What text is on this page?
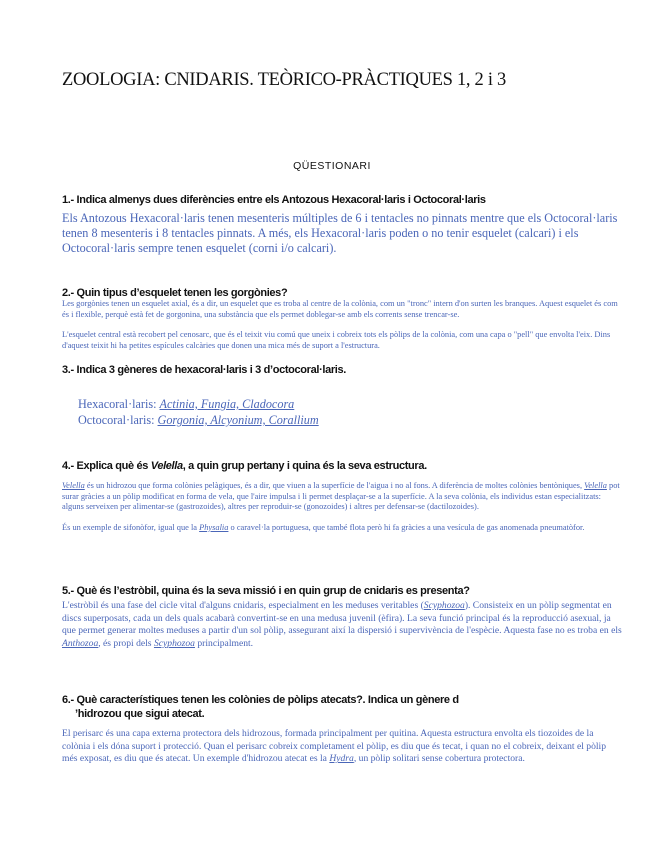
ZOOLOGIA: CNIDARIS. TEÒRICO-PRÀCTIQUES 1, 2 i 3
QÜESTIONARI
1.- Indica almenys dues diferències entre els Antozous Hexacoral·laris i Octocoral·laris
Els Antozous Hexacoral·laris tenen mesenteris múltiples de 6 i tentacles no pinnats mentre que els Octocoral·laris tenen 8 mesenteris i 8 tentacles pinnats. A més, els Hexacoral·laris poden o no tenir esquelet (calcari) i els Octocoral·laris sempre tenen esquelet (corni i/o calcari).
2.- Quin tipus d’esquelet tenen les gorgònies?

Les gorgònies tenen un esquelet axial, és a dir, un esquelet que es troba al centre de la colònia, com un "tronc" intern d'on surten les branques. Aquest esquelet és com és i flexible, perquè està fet de gorgonina, una substància que els permet doblegar-se amb els corrents sense trencar-se.

L'esquelet central està recobert pel cenosarc, que és el teixit viu comú que uneix i cobreix tots els pòlips de la colònia, com una capa o "pell" que envolta l'eix. Dins d'aquest teixit hi ha petites espícules calcàries que donen una mica més de suport a l'estructura.

3.- Indica 3 gèneres de hexacoral·laris i 3 d’octocoral·laris.
Hexacoral·laris: Actinia, Fungia, Cladocora
Octocoral·laris: Gorgonia, Alcyonium, Corallium
4.- Explica què és Velella, a quin grup pertany i quina és la seva estructura.

Velella és un hidrozou que forma colònies pelàgiques, és a dir, que viuen a la superfície de l'aigua i no al fons. A diferència de moltes colònies bentòniques, Velella pot surar gràcies a un pòlip modificat en forma de vela, que l'aire impulsa i li permet desplaçar-se a la superfície. A la seva colònia, els individus estan especialitzats: alguns serveixen per alimentar-se (gastrozoides), altres per reproduir-se (gonozoides) i altres per defensar-se (dactilozoides).

És un exemple de sifonòfor, igual que la Physalia o caravel·la portuguesa, que també flota però hi fa gràcies a una vesícula de gas anomenada pneumatòfor.

5.- Què és l’estròbil, quina és la seva missió i en quin grup de cnidaris es presenta?
L'estròbil és una fase del cicle vital d'alguns cnidaris, especialment en les meduses veritables (Scyphozoa). Consisteix en un pòlip segmentat en discs superposats, cada un dels quals acabarà convertint-se en una medusa juvenil (èfira). La seva funció principal és la reproducció asexual, ja que permet generar moltes meduses a partir d'un sol pòlip, assegurant així la dispersió i supervivència de l'espècie. Aquesta fase no es troba en els Anthozoa, és propi dels Scyphozoa principalment.
6.- Què característiques tenen les colònies de pòlips atecats?. Indica un gènere d
’hidrozou que sigui atecat.
El perisarc és una capa externa protectora dels hidrozous, formada principalment per quitina. Aquesta estructura envolta els tiozoides de la colònia i els dóna suport i protecció. Quan el perisarc cobreix completament el pòlip, es diu que és tecat, i quan no el cobreix, deixant el pòlip més exposat, es diu que és atecat. Un exemple d'hidrozou atecat es la Hydra, un pòlip solitari sense cobertura protectora.
